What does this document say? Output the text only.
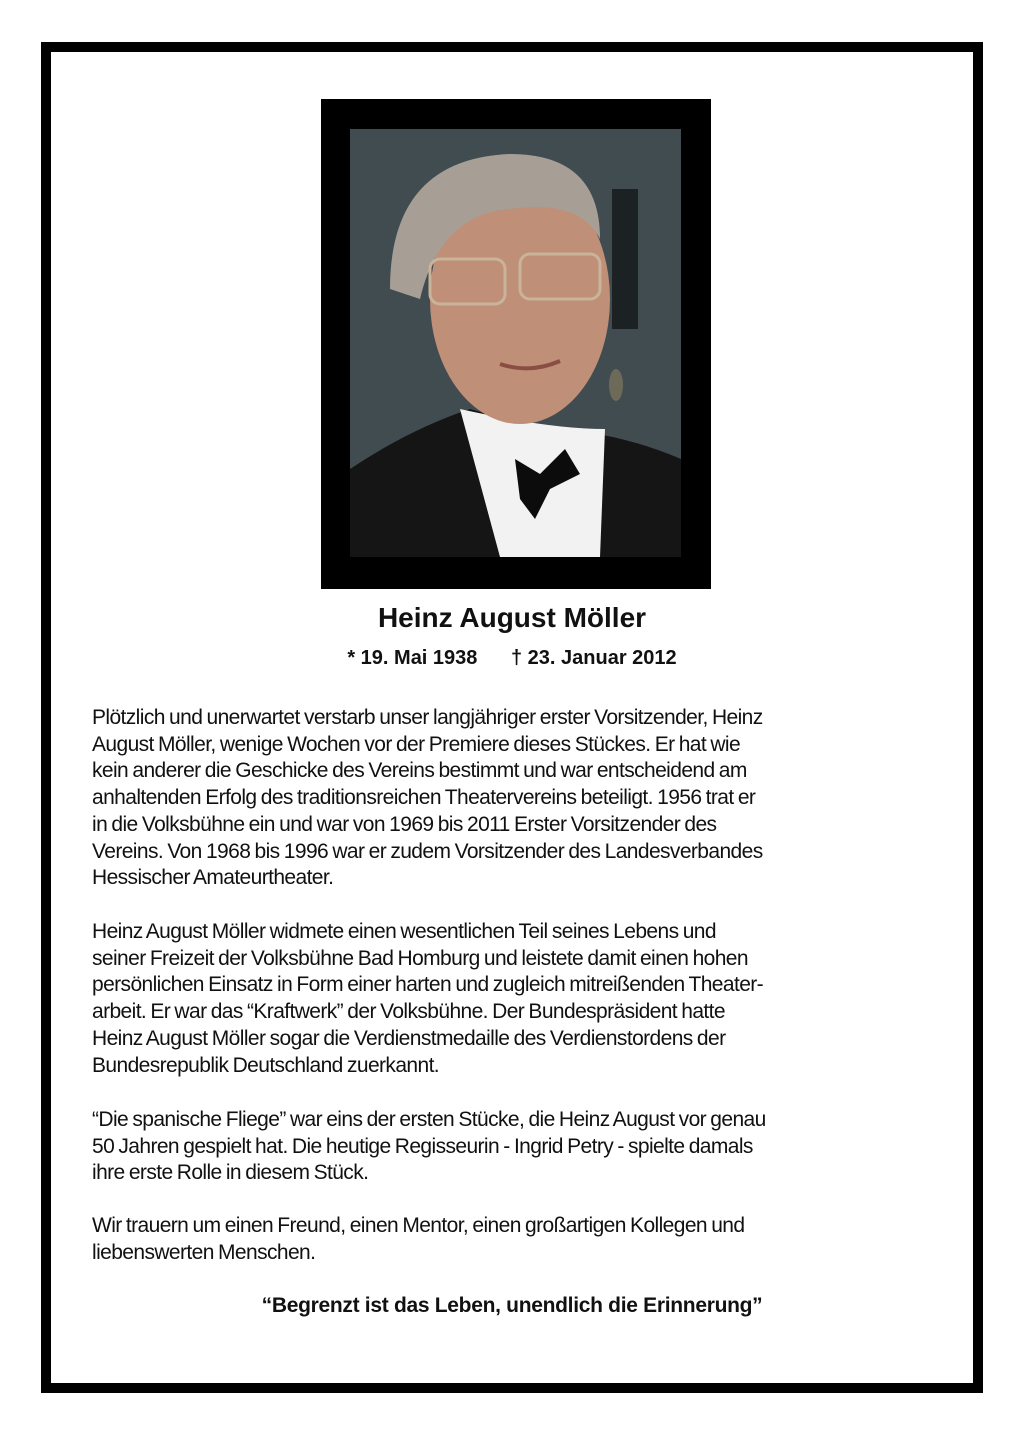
Heinz August Möller
* 19. Mai 1938 † 23. Januar 2012
Plötzlich und unerwartet verstarb unser langjähriger erster Vorsitzender, Heinz
August Möller, wenige Wochen vor der Premiere dieses Stückes. Er hat wie
kein anderer die Geschicke des Vereins bestimmt und war entscheidend am
anhaltenden Erfolg des traditionsreichen Theatervereins beteiligt. 1956 trat er
in die Volksbühne ein und war von 1969 bis 2011 Erster Vorsitzender des
Vereins. Von 1968 bis 1996 war er zudem Vorsitzender des Landesverbandes
Hessischer Amateurtheater.
Heinz August Möller widmete einen wesentlichen Teil seines Lebens und
seiner Freizeit der Volksbühne Bad Homburg und leistete damit einen hohen
persönlichen Einsatz in Form einer harten und zugleich mitreißenden Theater-
arbeit. Er war das “Kraftwerk” der Volksbühne. Der Bundespräsident hatte
Heinz August Möller sogar die Verdienstmedaille des Verdienstordens der
Bundesrepublik Deutschland zuerkannt.
“Die spanische Fliege” war eins der ersten Stücke, die Heinz August vor genau
50 Jahren gespielt hat. Die heutige Regisseurin - Ingrid Petry - spielte damals
ihre erste Rolle in diesem Stück.
Wir trauern um einen Freund, einen Mentor, einen großartigen Kollegen und
liebenswerten Menschen.
“Begrenzt ist das Leben, unendlich die Erinnerung”
